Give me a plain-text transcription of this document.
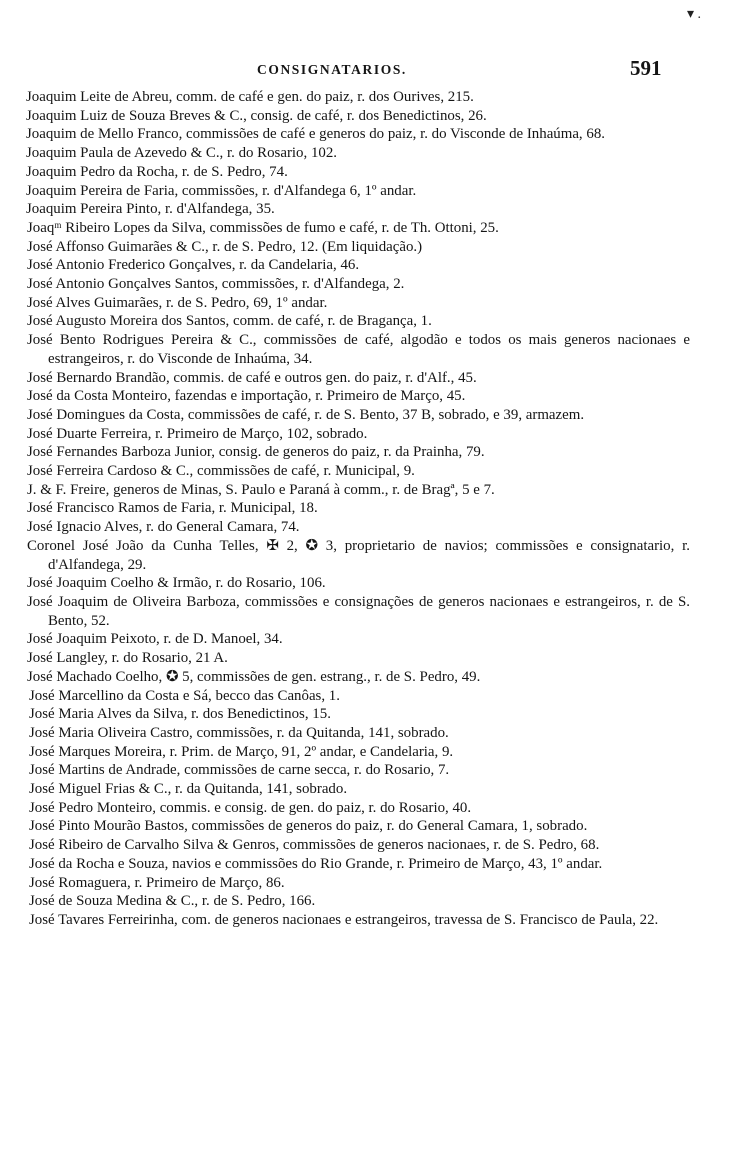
▾ .
CONSIGNATARIOS.	591
Joaquim Leite de Abreu, comm. de café e gen. do paiz, r. dos Ourives, 215.
Joaquim Luiz de Souza Breves & C., consig. de café, r. dos Benedictinos, 26.
Joaquim de Mello Franco, commissões de café e generos do paiz, r. do Visconde de Inhaúma, 68.
Joaquim Paula de Azevedo & C., r. do Rosario, 102.
Joaquim Pedro da Rocha, r. de S. Pedro, 74.
Joaquim Pereira de Faria, commissões, r. d'Alfandega 6, 1º andar.
Joaquim Pereira Pinto, r. d'Alfandega, 35.
Joaqᵐ Ribeiro Lopes da Silva, commissões de fumo e café, r. de Th. Ottoni, 25.
José Affonso Guimarães & C., r. de S. Pedro, 12. (Em liquidação.)
José Antonio Frederico Gonçalves, r. da Candelaria, 46.
José Antonio Gonçalves Santos, commissões, r. d'Alfandega, 2.
José Alves Guimarães, r. de S. Pedro, 69, 1º andar.
José Augusto Moreira dos Santos, comm. de café, r. de Bragança, 1.
José Bento Rodrigues Pereira & C., commissões de café, algodão e todos os mais generos nacionaes e estrangeiros, r. do Visconde de Inhaúma, 34.
José Bernardo Brandão, commis. de café e outros gen. do paiz, r. d'Alf., 45.
José da Costa Monteiro, fazendas e importação, r. Primeiro de Março, 45.
José Domingues da Costa, commissões de café, r. de S. Bento, 37 B, sobrado, e 39, armazem.
José Duarte Ferreira, r. Primeiro de Março, 102, sobrado.
José Fernandes Barboza Junior, consig. de generos do paiz, r. da Prainha, 79.
José Ferreira Cardoso & C., commissões de café, r. Municipal, 9.
J. & F. Freire, generos de Minas, S. Paulo e Paraná à comm., r. de Bragª, 5 e 7.
José Francisco Ramos de Faria, r. Municipal, 18.
José Ignacio Alves, r. do General Camara, 74.
Coronel José João da Cunha Telles, ✠ 2, ✪ 3, proprietario de navios; commissões e consignatario, r. d'Alfandega, 29.
José Joaquim Coelho & Irmão, r. do Rosario, 106.
José Joaquim de Oliveira Barboza, commissões e consignações de generos nacionaes e estrangeiros, r. de S. Bento, 52.
José Joaquim Peixoto, r. de D. Manoel, 34.
José Langley, r. do Rosario, 21 A.
José Machado Coelho, ✪ 5, commissões de gen. estrang., r. de S. Pedro, 49.
José Marcellino da Costa e Sá, becco das Canôas, 1.
José Maria Alves da Silva, r. dos Benedictinos, 15.
José Maria Oliveira Castro, commissões, r. da Quitanda, 141, sobrado.
José Marques Moreira, r. Prim. de Março, 91, 2º andar, e Candelaria, 9.
José Martins de Andrade, commissões de carne secca, r. do Rosario, 7.
José Miguel Frias & C., r. da Quitanda, 141, sobrado.
José Pedro Monteiro, commis. e consig. de gen. do paiz, r. do Rosario, 40.
José Pinto Mourão Bastos, commissões de generos do paiz, r. do General Camara, 1, sobrado.
José Ribeiro de Carvalho Silva & Genros, commissões de generos nacionaes, r. de S. Pedro, 68.
José da Rocha e Souza, navios e commissões do Rio Grande, r. Primeiro de Março, 43, 1º andar.
José Romaguera, r. Primeiro de Março, 86.
José de Souza Medina & C., r. de S. Pedro, 166.
José Tavares Ferreirinha, com. de generos nacionaes e estrangeiros, travessa de S. Francisco de Paula, 22.
